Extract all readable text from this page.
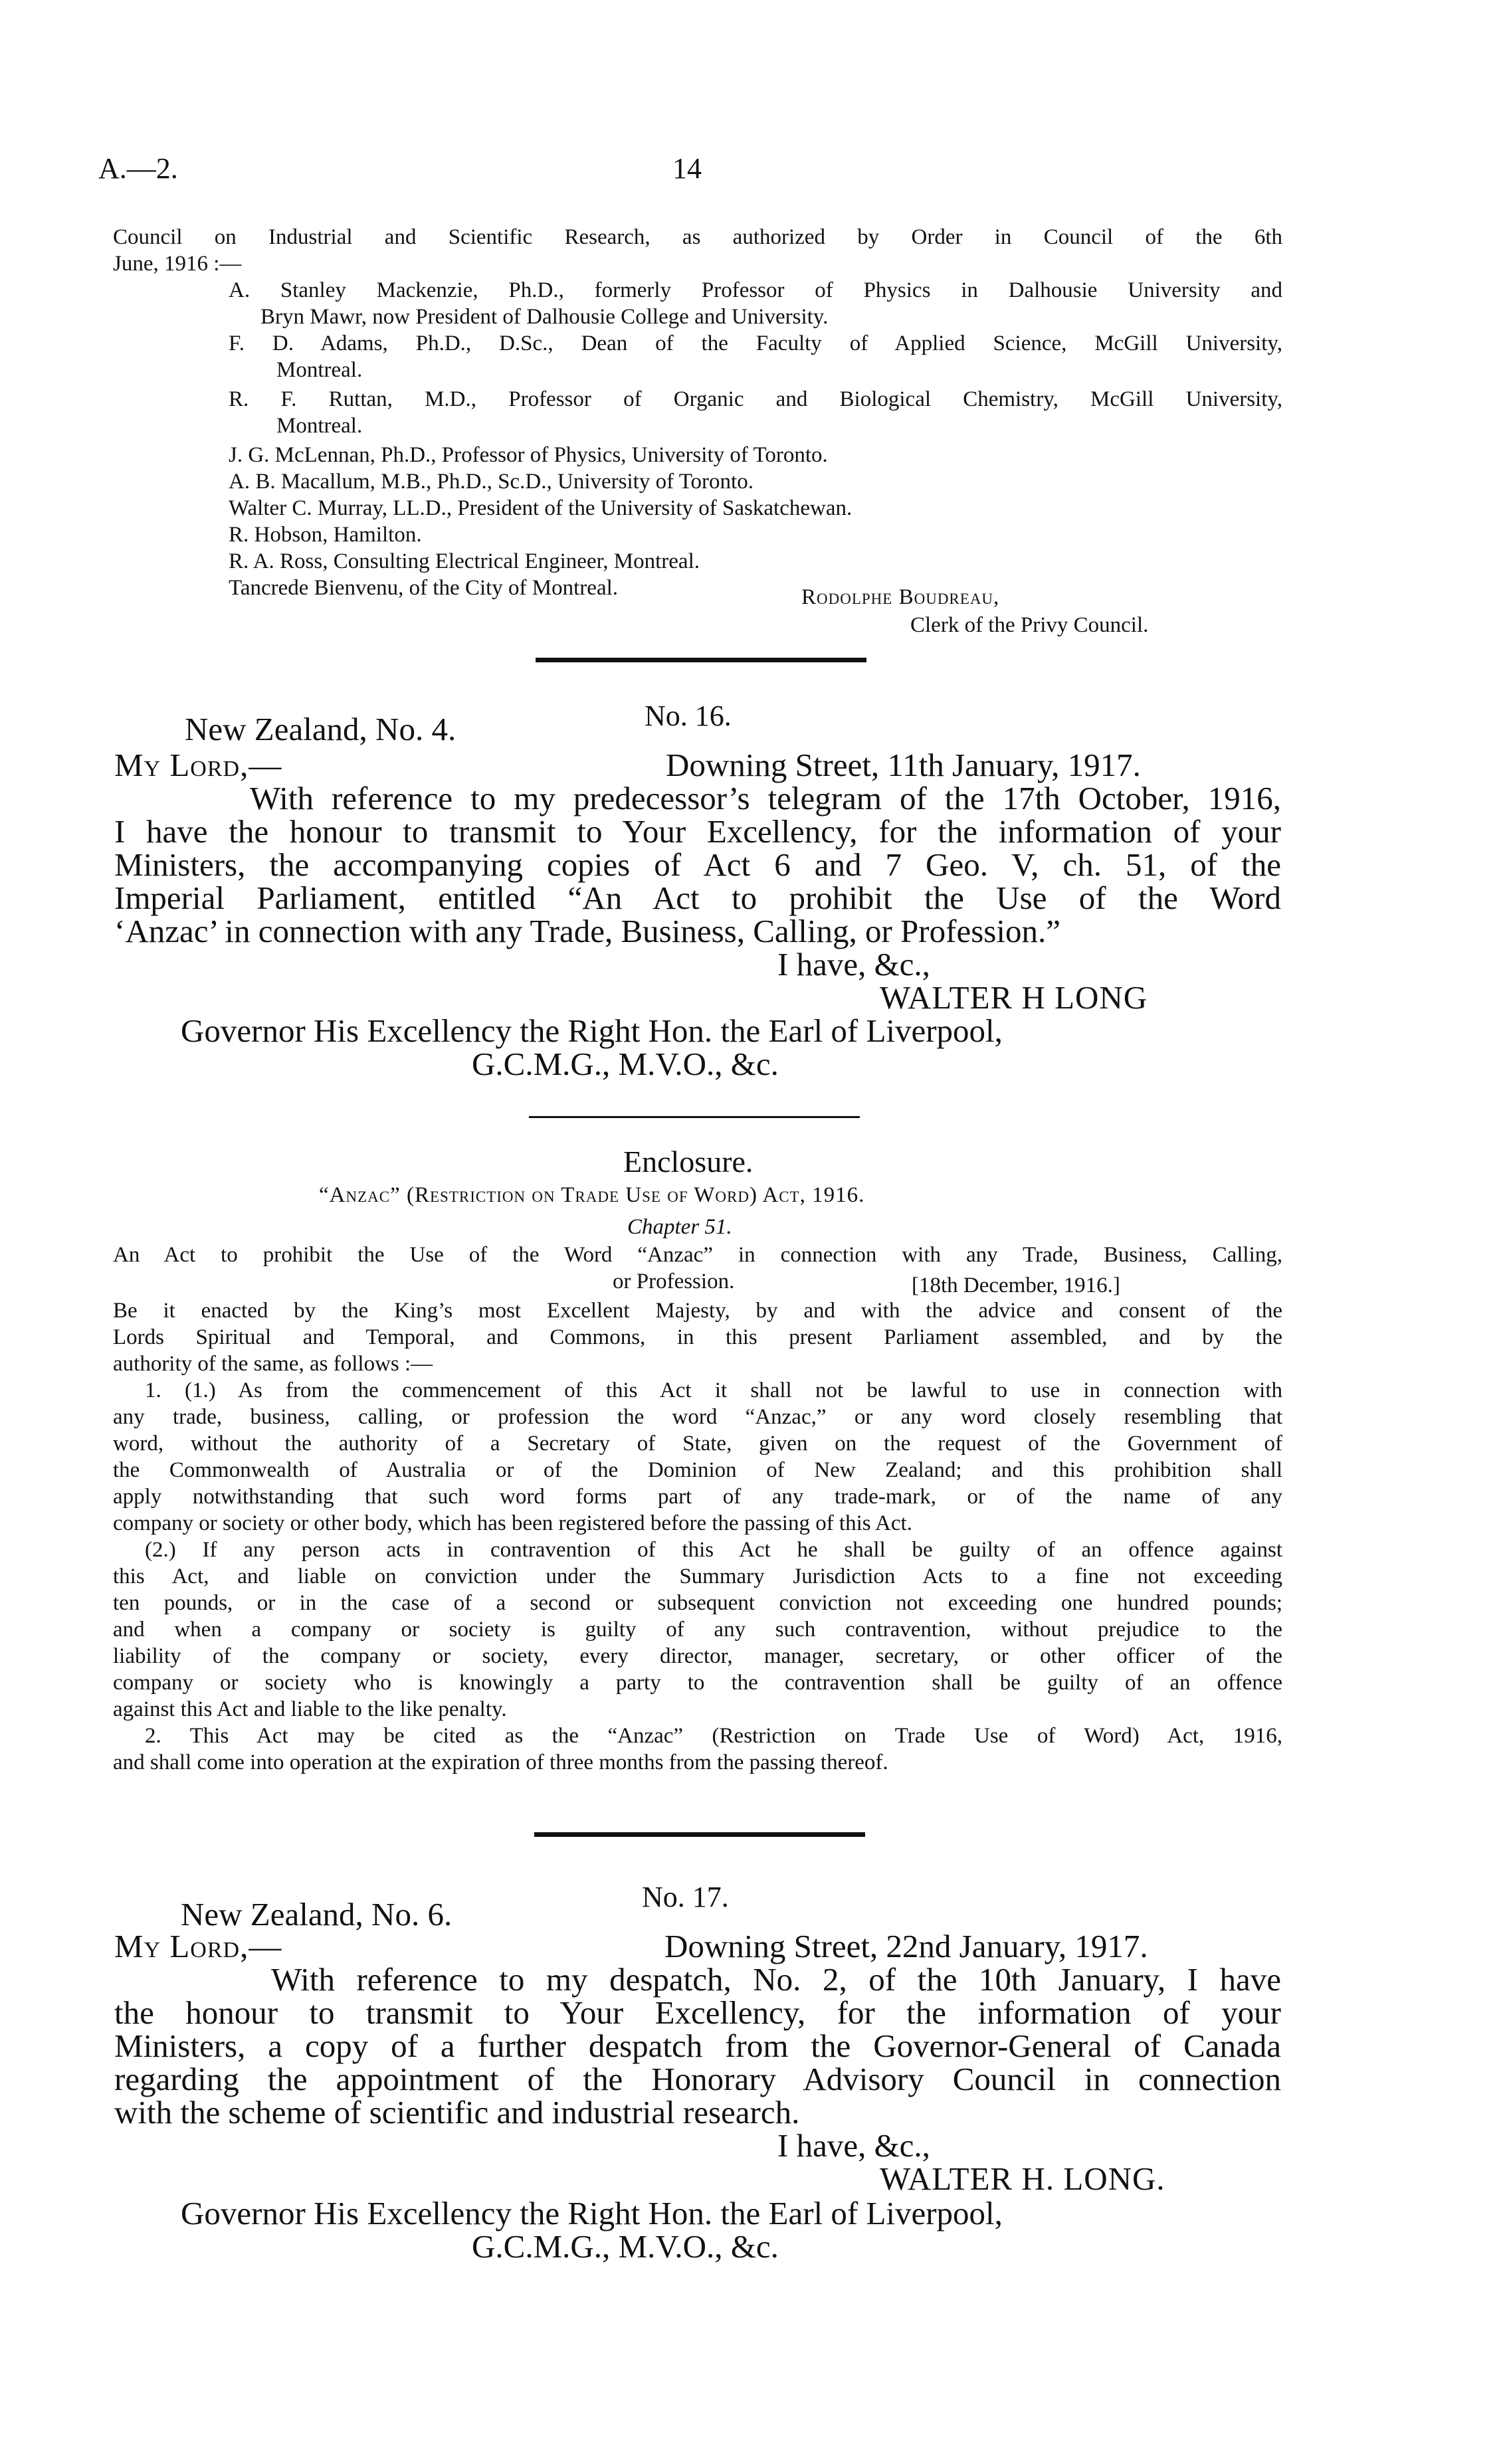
A.—2.	14
Council on Industrial and Scientific Research, as authorized by Order in Council of the 6th
June, 1916 :—
A. Stanley Mackenzie, Ph.D., formerly Professor of Physics in Dalhousie University and
Bryn Mawr, now President of Dalhousie College and University.
F. D. Adams, Ph.D., D.Sc., Dean of the Faculty of Applied Science, McGill University,
Montreal.
R. F. Ruttan, M.D., Professor of Organic and Biological Chemistry, McGill University,
Montreal.
J. G. McLennan, Ph.D., Professor of Physics, University of Toronto.
A. B. Macallum, M.B., Ph.D., Sc.D., University of Toronto.
Walter C. Murray, LL.D., President of the University of Saskatchewan.
R. Hobson, Hamilton.
R. A. Ross, Consulting Electrical Engineer, Montreal.
Tancrede Bienvenu, of the City of Montreal.	Rodolphe Boudreau,
Clerk of the Privy Council.
No. 16.
New Zealand, No. 4.
My Lord,—	Downing Street, 11th January, 1917.
With reference to my predecessor’s telegram of the 17th October, 1916,
I have the honour to transmit to Your Excellency, for the information of your
Ministers, the accompanying copies of Act 6 and 7 Geo. V, ch. 51, of the
Imperial Parliament, entitled “An Act to prohibit the Use of the Word
‘Anzac’ in connection with any Trade, Business, Calling, or Profession.”
I have, &c.,
WALTER H LONG
Governor His Excellency the Right Hon. the Earl of Liverpool,
G.C.M.G., M.V.O., &c.
Enclosure.
“Anzac” (Restriction on Trade Use of Word) Act, 1916.
Chapter 51.
An Act to prohibit the Use of the Word “Anzac” in connection with any Trade, Business, Calling,
or Profession.	[18th December, 1916.]
Be it enacted by the King’s most Excellent Majesty, by and with the advice and consent of the
Lords Spiritual and Temporal, and Commons, in this present Parliament assembled, and by the
authority of the same, as follows :—
1. (1.) As from the commencement of this Act it shall not be lawful to use in connection with
any trade, business, calling, or profession the word “Anzac,” or any word closely resembling that
word, without the authority of a Secretary of State, given on the request of the Government of
the Commonwealth of Australia or of the Dominion of New Zealand; and this prohibition shall
apply notwithstanding that such word forms part of any trade-mark, or of the name of any
company or society or other body, which has been registered before the passing of this Act.
(2.) If any person acts in contravention of this Act he shall be guilty of an offence against
this Act, and liable on conviction under the Summary Jurisdiction Acts to a fine not exceeding
ten pounds, or in the case of a second or subsequent conviction not exceeding one hundred pounds;
and when a company or society is guilty of any such contravention, without prejudice to the
liability of the company or society, every director, manager, secretary, or other officer of the
company or society who is knowingly a party to the contravention shall be guilty of an offence
against this Act and liable to the like penalty.
2. This Act may be cited as the “Anzac” (Restriction on Trade Use of Word) Act, 1916,
and shall come into operation at the expiration of three months from the passing thereof.
No. 17.
New Zealand, No. 6.
My Lord,—	Downing Street, 22nd January, 1917.
With reference to my despatch, No. 2, of the 10th January, I have
the honour to transmit to Your Excellency, for the information of your
Ministers, a copy of a further despatch from the Governor-General of Canada
regarding the appointment of the Honorary Advisory Council in connection
with the scheme of scientific and industrial research.
I have, &c.,
WALTER H. LONG.
Governor His Excellency the Right Hon. the Earl of Liverpool,
G.C.M.G., M.V.O., &c.
